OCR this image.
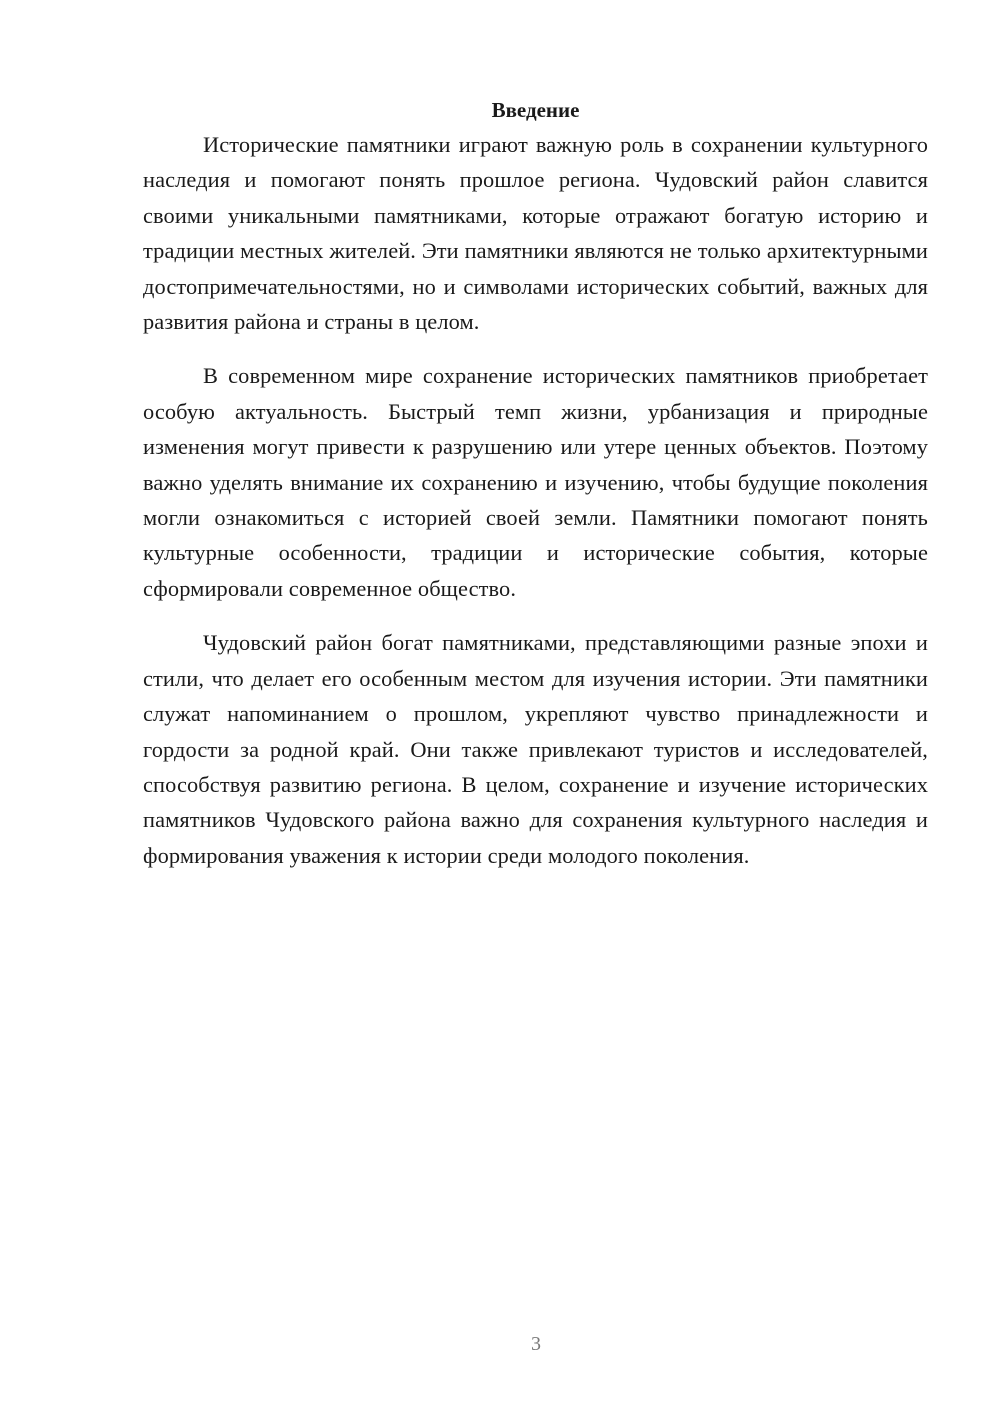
Введение

Исторические памятники играют важную роль в сохранении культурного наследия и помогают понять прошлое региона. Чудовский район славится своими уникальными памятниками, которые отражают богатую историю и традиции местных жителей. Эти памятники являются не только архитектурными достопримечательностями, но и символами исторических событий, важных для развития района и страны в целом.

В современном мире сохранение исторических памятников приобретает особую актуальность. Быстрый темп жизни, урбанизация и природные изменения могут привести к разрушению или утере ценных объектов. Поэтому важно уделять внимание их сохранению и изучению, чтобы будущие поколения могли ознакомиться с историей своей земли. Памятники помогают понять культурные особенности, традиции и исторические события, которые сформировали современное общество.

Чудовский район богат памятниками, представляющими разные эпохи и стили, что делает его особенным местом для изучения истории. Эти памятники служат напоминанием о прошлом, укрепляют чувство принадлежности и гордости за родной край. Они также привлекают туристов и исследователей, способствуя развитию региона. В целом, сохранение и изучение исторических памятников Чудовского района важно для сохранения культурного наследия и формирования уважения к истории среди молодого поколения.

3
